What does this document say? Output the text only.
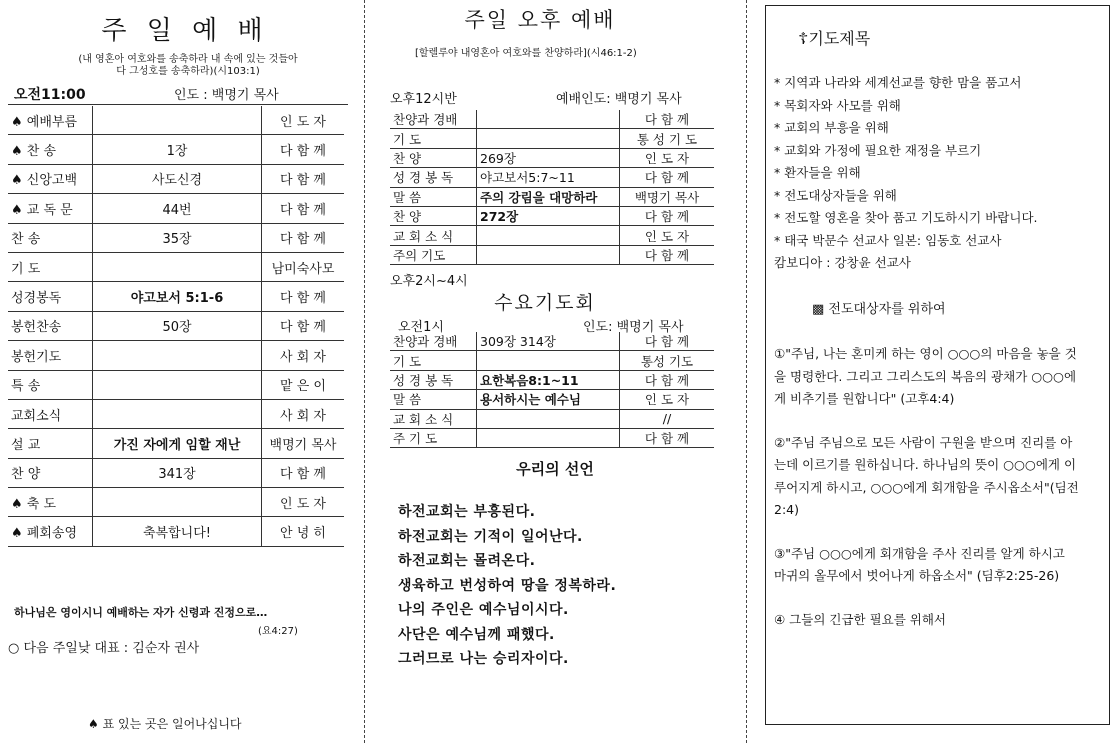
주 일 예 배
(내 영혼아 여호와를 송축하라 내 속에 있는 것들아
다 그성호를 송축하라)(시103:1)
오전11:00	인도 : 백명기 목사
♠ 예배부름		인 도 자
♠ 찬 송	1장	다 함 께
♠ 신앙고백	사도신경	다 함 께
♠ 교 독 문	44번	다 함 께
찬 송	35장	다 함 께
기 도		남미숙사모
성경봉독	야고보서 5:1-6	다 함 께
봉헌찬송	50장	다 함 께
봉헌기도		사 회 자
특 송		맡 은 이
교회소식		사 회 자
설 교	가진 자에게 임할 재난	백명기 목사
찬 양	341장	다 함 께
♠ 축 도		인 도 자
♠ 폐회송영	축복합니다!	안 녕 히
하나님은 영이시니 예배하는 자가 신령과 진정으로…
(요4:27)
○ 다음 주일낮 대표 : 김순자 권사
♠ 표 있는 곳은 일어나십니다
주일 오후 예배
[할렐루야 내영혼아 여호와를 찬양하라](시46:1-2)
오후12시반	예배인도: 백명기 목사
찬양과 경배		다 함 께
기 도		통 성 기 도
찬 양	269장	인 도 자
성 경 봉 독	야고보서5:7~11	다 함 께
말 씀	주의 강림을 대망하라	백명기 목사
찬 양	272장	다 함 께
교 회 소 식		인 도 자
주의 기도		다 함 께
오후2시~4시
수요기도회
오전1시	인도: 백명기 목사
찬양과 경배	309장 314장	다 함 께
기 도		통성 기도
성 경 봉 독	요한복음8:1~11	다 함 께
말 씀	용서하시는 예수님	인 도 자
교 회 소 식		//
주 기 도		다 함 께
우리의 선언
하전교회는 부흥된다.
하전교회는 기적이 일어난다.
하전교회는 몰려온다.
생육하고 번성하여 땅을 정복하라.
나의 주인은 예수님이시다.
사단은 예수님께 패했다.
그러므로 나는 승리자이다.
☦기도제목
* 지역과 나라와 세계선교를 향한 맘을 품고서
* 목회자와 사모를 위해
* 교회의 부흥을 위해
* 교회와 가정에 필요한 재정을 부르기
* 환자들을 위해
* 전도대상자들을 위해
* 전도할 영혼을 찾아 품고 기도하시기 바랍니다.
* 태국 박문수 선교사 일본: 임동호 선교사
캄보디아 : 강창윤 선교사
▩ 전도대상자를 위하여
①"주님, 나는 혼미케 하는 영이 ○○○의 마음을 놓을 것을 명령한다. 그리고 그리스도의 복음의 광채가 ○○○에게 비추기를 원합니다" (고후4:4)
②"주님 주님으로 모든 사람이 구원을 받으며 진리를 아는데 이르기를 원하십니다. 하나님의 뜻이 ○○○에게 이루어지게 하시고, ○○○에게 회개함을 주시옵소서"(딤전2:4)
③"주님 ○○○에게 회개함을 주사 진리를 알게 하시고 마귀의 올무에서 벗어나게 하옵소서" (딤후2:25-26)
④ 그들의 긴급한 필요를 위해서
